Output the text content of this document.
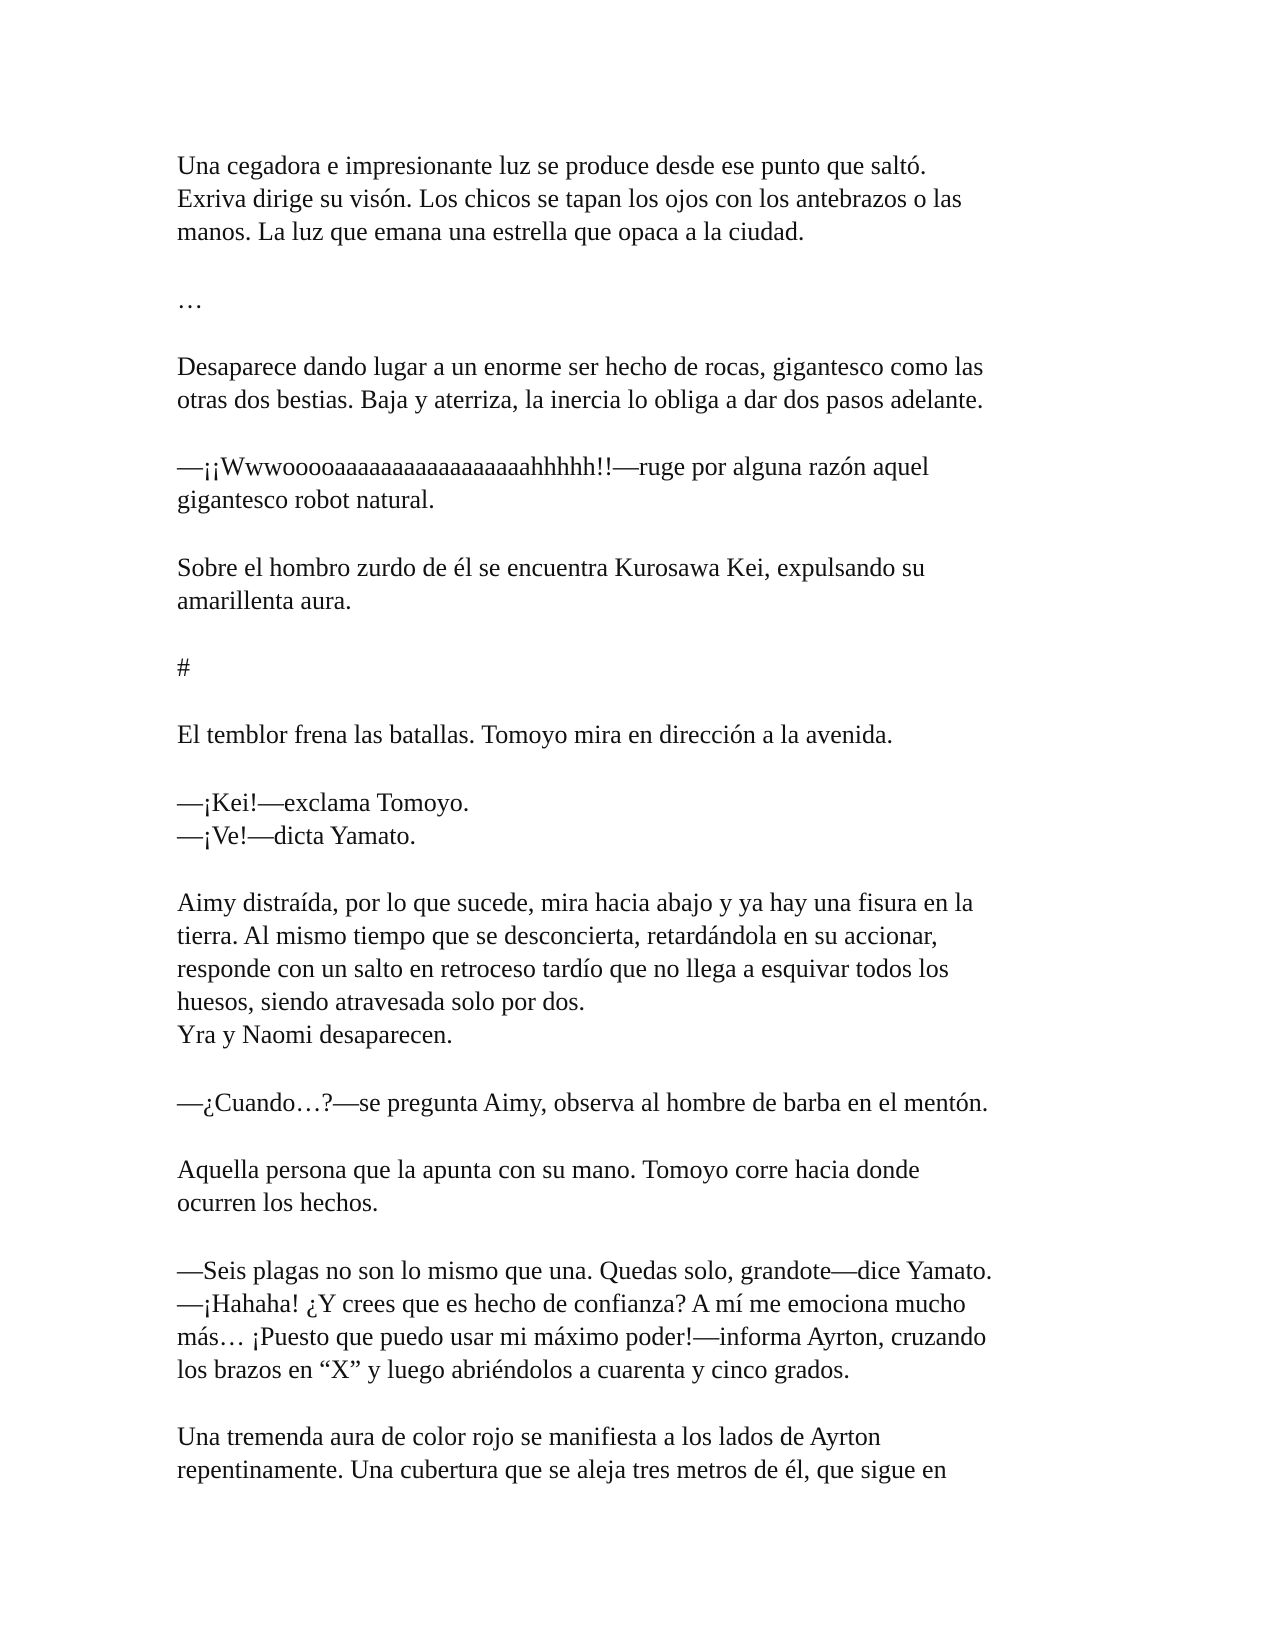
Una cegadora e impresionante luz se produce desde ese punto que saltó.

Exriva dirige su visón. Los chicos se tapan los ojos con los antebrazos o las

manos. La luz que emana una estrella que opaca a la ciudad.

…

Desaparece dando lugar a un enorme ser hecho de rocas, gigantesco como las

otras dos bestias. Baja y aterriza, la inercia lo obliga a dar dos pasos adelante.

—¡¡Wwwooooaaaaaaaaaaaaaaaaahhhhh!!—ruge por alguna razón aquel

gigantesco robot natural.

Sobre el hombro zurdo de él se encuentra Kurosawa Kei, expulsando su

amarillenta aura.

#

El temblor frena las batallas. Tomoyo mira en dirección a la avenida.

—¡Kei!—exclama Tomoyo.

—¡Ve!—dicta Yamato.

Aimy distraída, por lo que sucede, mira hacia abajo y ya hay una fisura en la

tierra. Al mismo tiempo que se desconcierta, retardándola en su accionar,

responde con un salto en retroceso tardío que no llega a esquivar todos los

huesos, siendo atravesada solo por dos.

Yra y Naomi desaparecen.

—¿Cuando…?—se pregunta Aimy, observa al hombre de barba en el mentón.

Aquella persona que la apunta con su mano. Tomoyo corre hacia donde

ocurren los hechos.

—Seis plagas no son lo mismo que una. Quedas solo, grandote—dice Yamato.

—¡Hahaha! ¿Y crees que es hecho de confianza? A mí me emociona mucho

más… ¡Puesto que puedo usar mi máximo poder!—informa Ayrton, cruzando

los brazos en “X” y luego abriéndolos a cuarenta y cinco grados.

Una tremenda aura de color rojo se manifiesta a los lados de Ayrton

repentinamente. Una cubertura que se aleja tres metros de él, que sigue en
